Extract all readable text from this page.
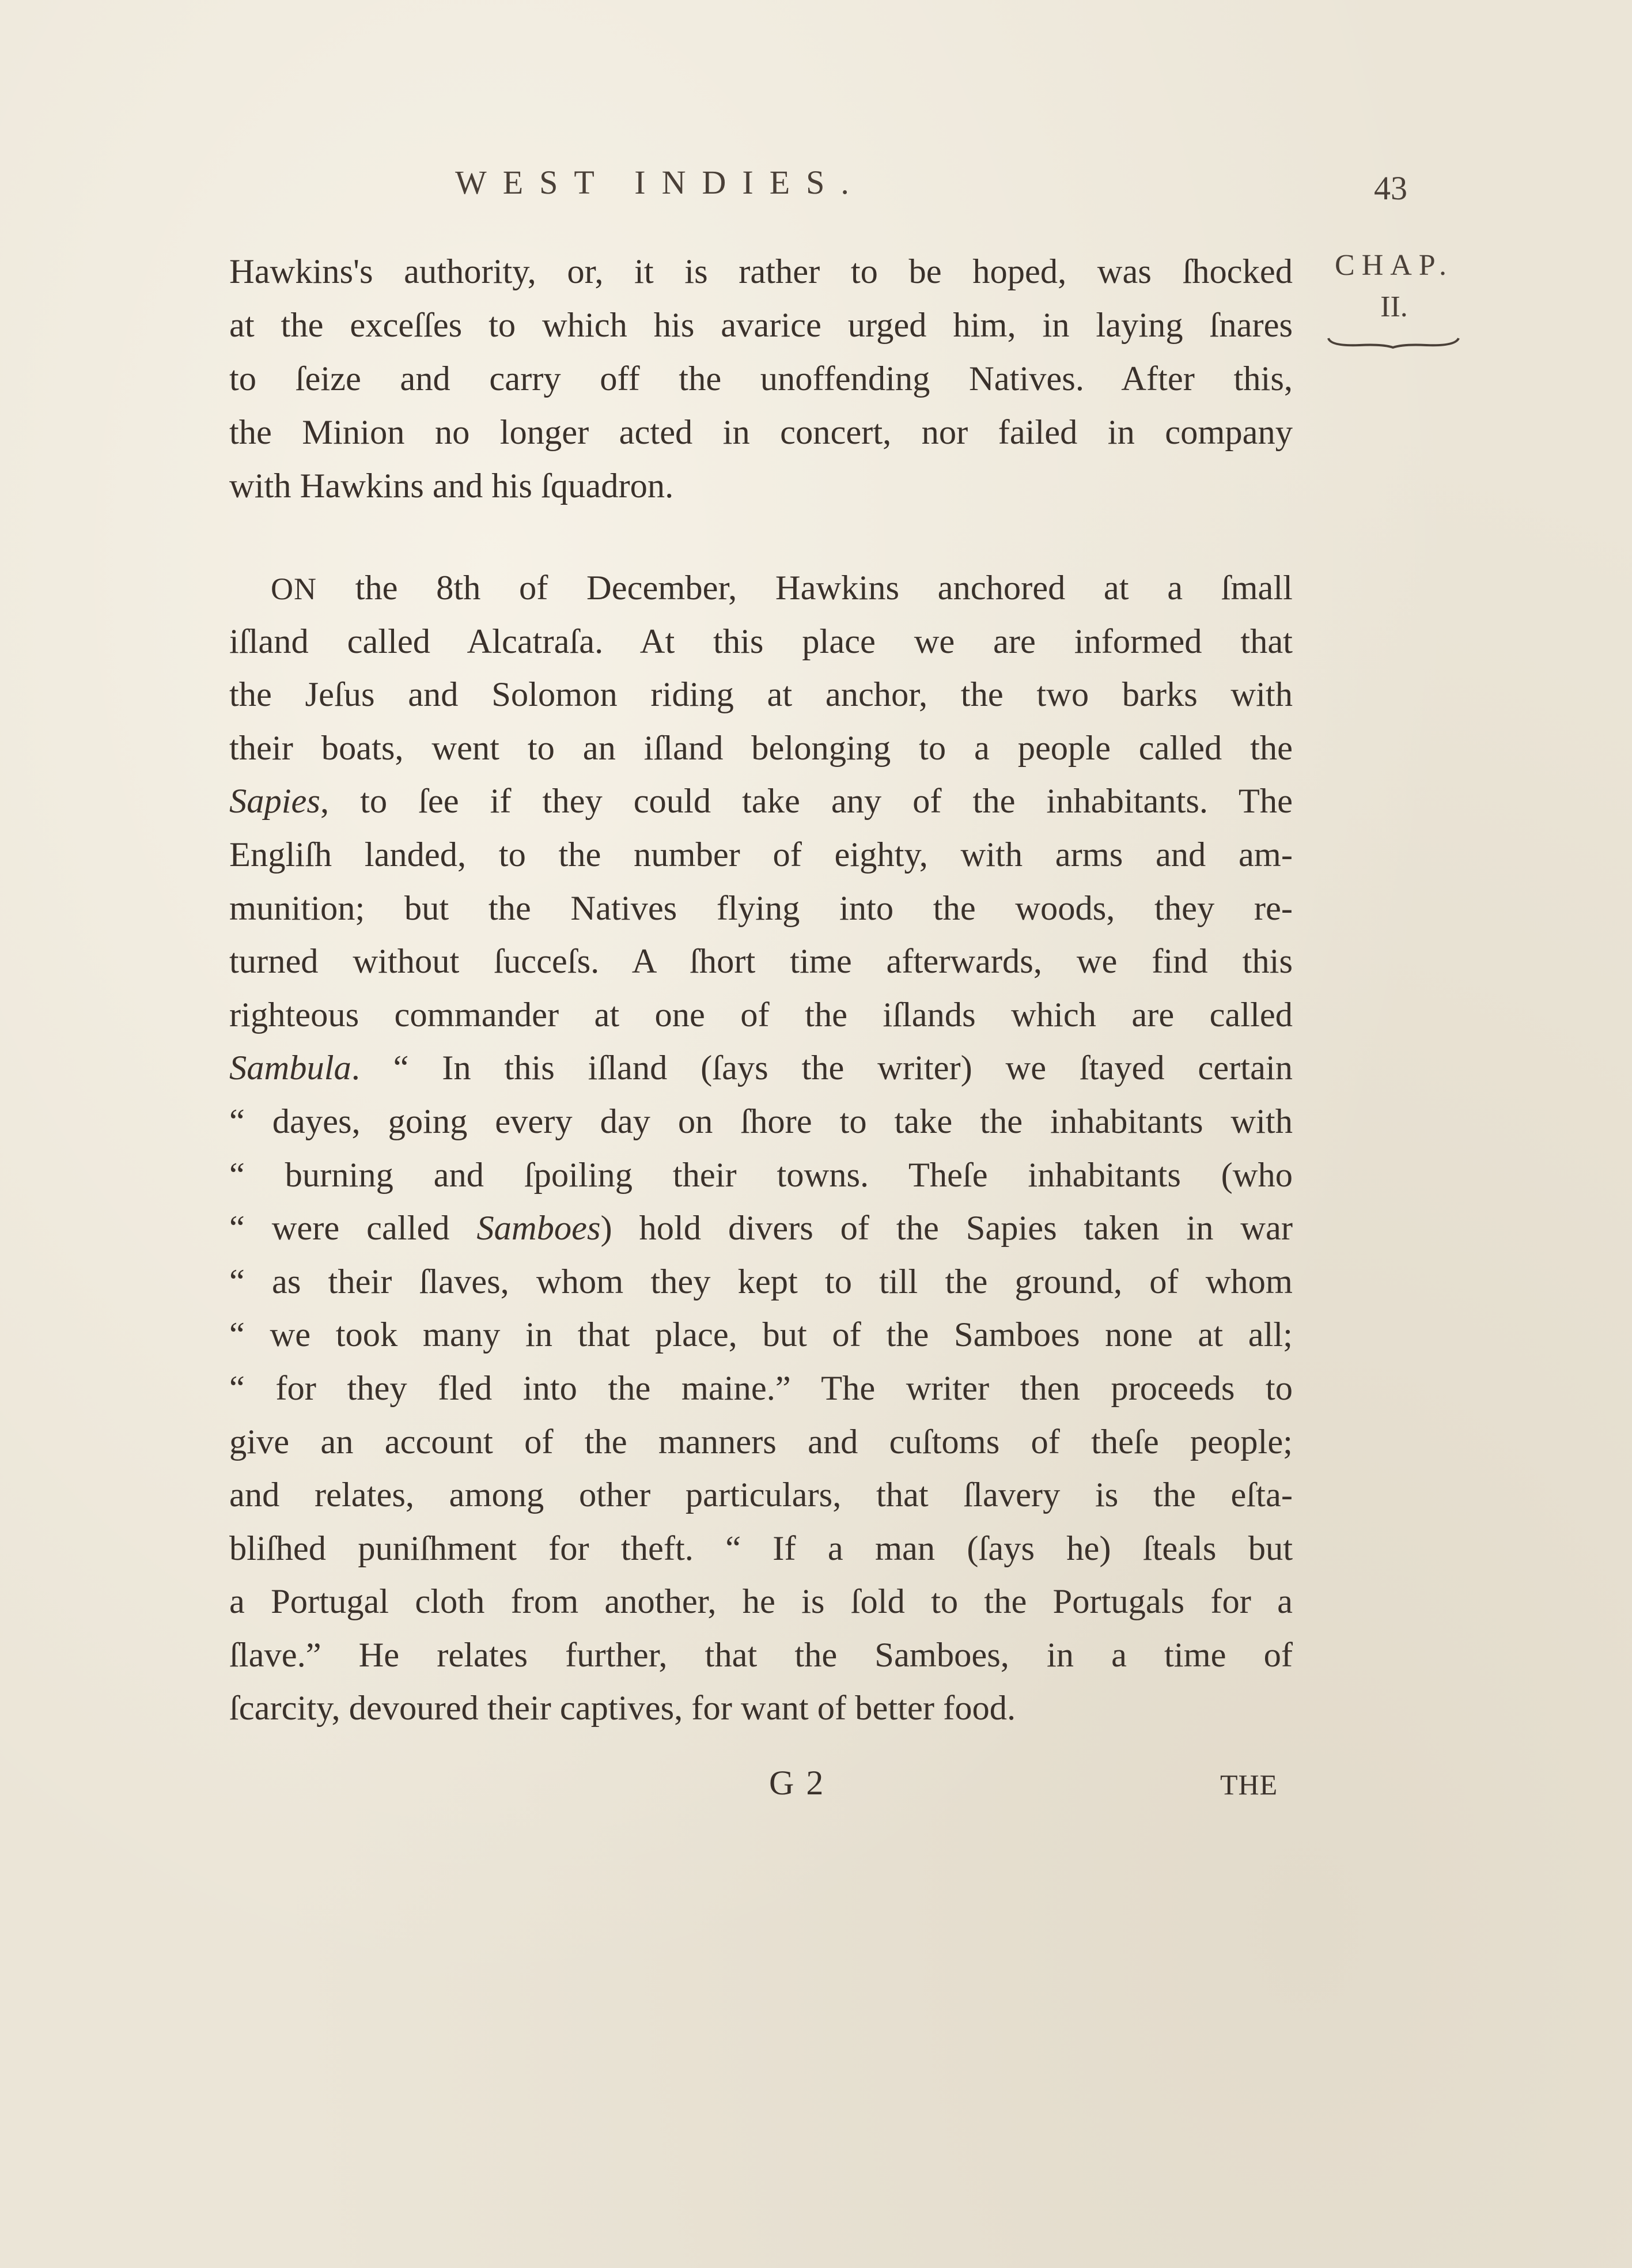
WEST INDIES.	43
CHAP.
II.
Hawkins's authority, or, it is rather to be hoped, was ſhocked
at the exceſſes to which his avarice urged him, in laying ſnares
to ſeize and carry off the unoffending Natives. After this,
the Minion no longer acted in concert, nor failed in company
with Hawkins and his ſquadron.
ON the 8th of December, Hawkins anchored at a ſmall
iſland called Alcatraſa. At this place we are informed that
the Jeſus and Solomon riding at anchor, the two barks with
their boats, went to an iſland belonging to a people called the
Sapies, to ſee if they could take any of the inhabitants. The
Engliſh landed, to the number of eighty, with arms and am-
munition; but the Natives flying into the woods, they re-
turned without ſucceſs. A ſhort time afterwards, we find this
righteous commander at one of the iſlands which are called
Sambula. “ In this iſland (ſays the writer) we ſtayed certain
“ dayes, going every day on ſhore to take the inhabitants with
“ burning and ſpoiling their towns. Theſe inhabitants (who
“ were called Samboes) hold divers of the Sapies taken in war
“ as their ſlaves, whom they kept to till the ground, of whom
“ we took many in that place, but of the Samboes none at all;
“ for they fled into the maine.” The writer then proceeds to
give an account of the manners and cuſtoms of theſe people;
and relates, among other particulars, that ſlavery is the eſta-
bliſhed puniſhment for theft. “ If a man (ſays he) ſteals but
a Portugal cloth from another, he is ſold to the Portugals for a
ſlave.” He relates further, that the Samboes, in a time of
ſcarcity, devoured their captives, for want of better food.
G 2	THE
